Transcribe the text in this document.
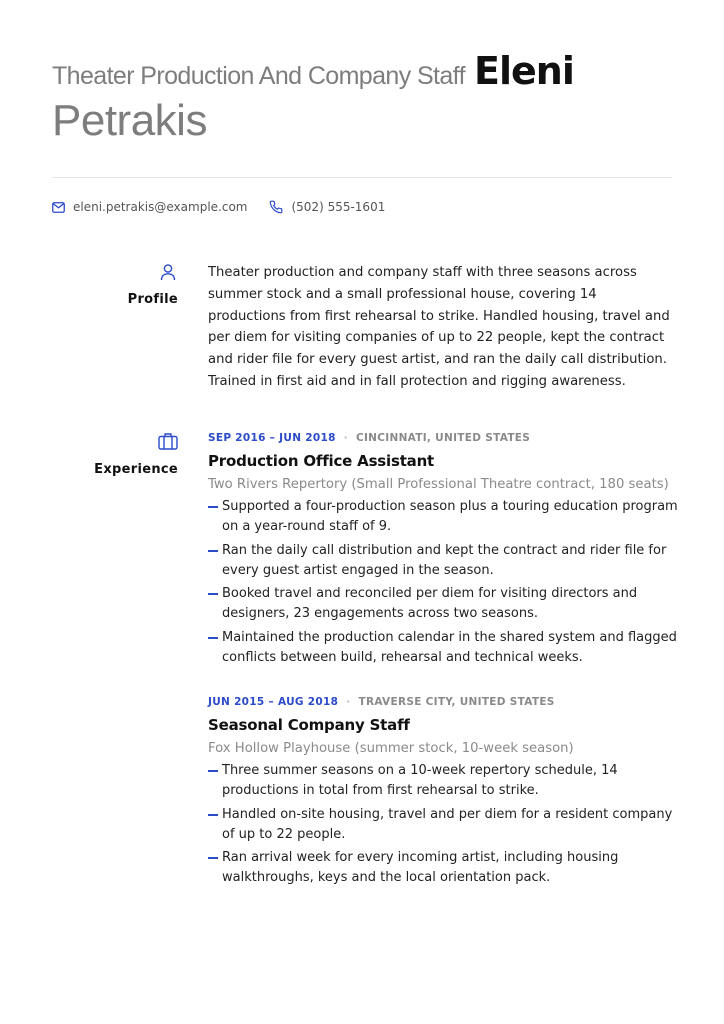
Theater Production And Company Staff Eleni
Petrakis
eleni.petrakis@example.com	(502) 555-1601
Profile
Theater production and company staff with three seasons across summer stock and a small professional house, covering 14 productions from first rehearsal to strike. Handled housing, travel and per diem for visiting companies of up to 22 people, kept the contract and rider file for every guest artist, and ran the daily call distribution. Trained in first aid and in fall protection and rigging awareness.
Experience
SEP 2016 – JUN 2018 · CINCINNATI, UNITED STATES
Production Office Assistant
Two Rivers Repertory (Small Professional Theatre contract, 180 seats)
Supported a four-production season plus a touring education program on a year-round staff of 9.
Ran the daily call distribution and kept the contract and rider file for every guest artist engaged in the season.
Booked travel and reconciled per diem for visiting directors and designers, 23 engagements across two seasons.
Maintained the production calendar in the shared system and flagged conflicts between build, rehearsal and technical weeks.
JUN 2015 – AUG 2018 · TRAVERSE CITY, UNITED STATES
Seasonal Company Staff
Fox Hollow Playhouse (summer stock, 10-week season)
Three summer seasons on a 10-week repertory schedule, 14 productions in total from first rehearsal to strike.
Handled on-site housing, travel and per diem for a resident company of up to 22 people.
Ran arrival week for every incoming artist, including housing walkthroughs, keys and the local orientation pack.
